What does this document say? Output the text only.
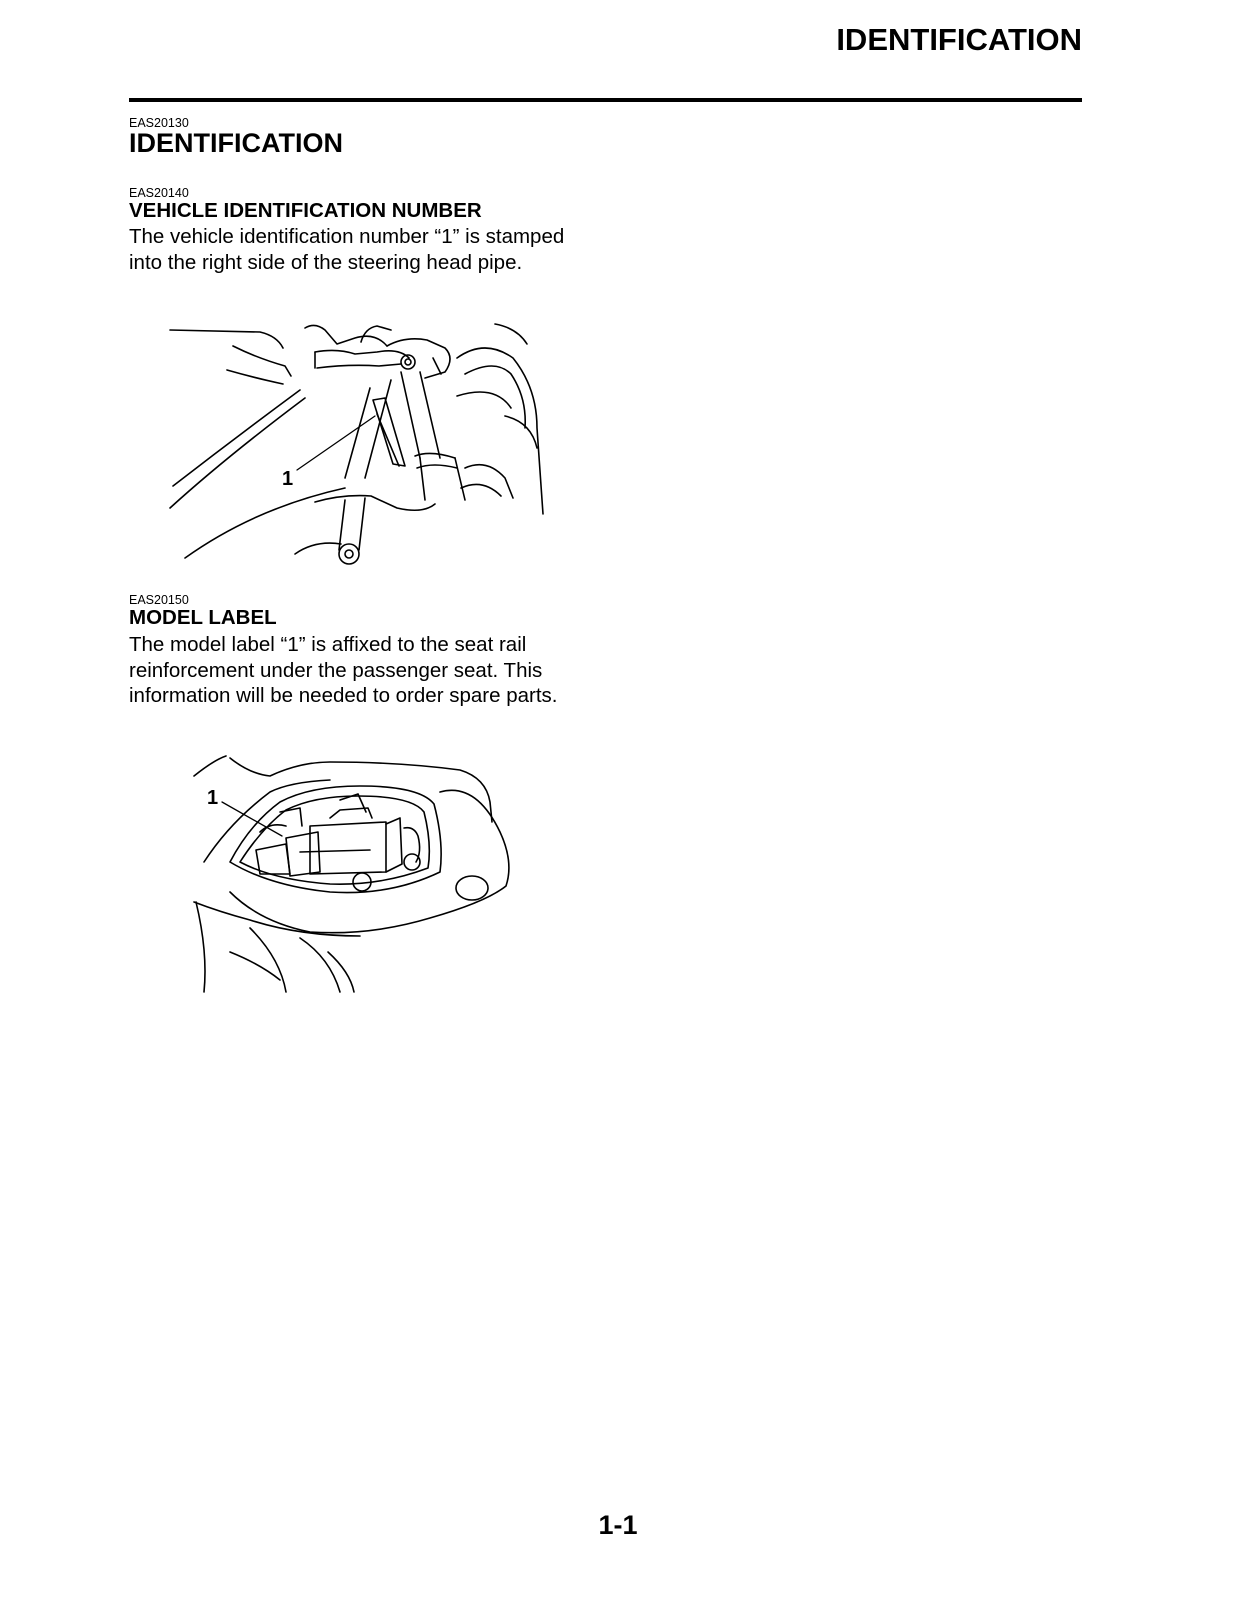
IDENTIFICATION
EAS20130
IDENTIFICATION
EAS20140
VEHICLE IDENTIFICATION NUMBER
The vehicle identification number “1” is stamped into the right side of the steering head pipe.
1
EAS20150
MODEL LABEL
The model label “1” is affixed to the seat rail reinforcement under the passenger seat. This information will be needed to order spare parts.
1
1-1
